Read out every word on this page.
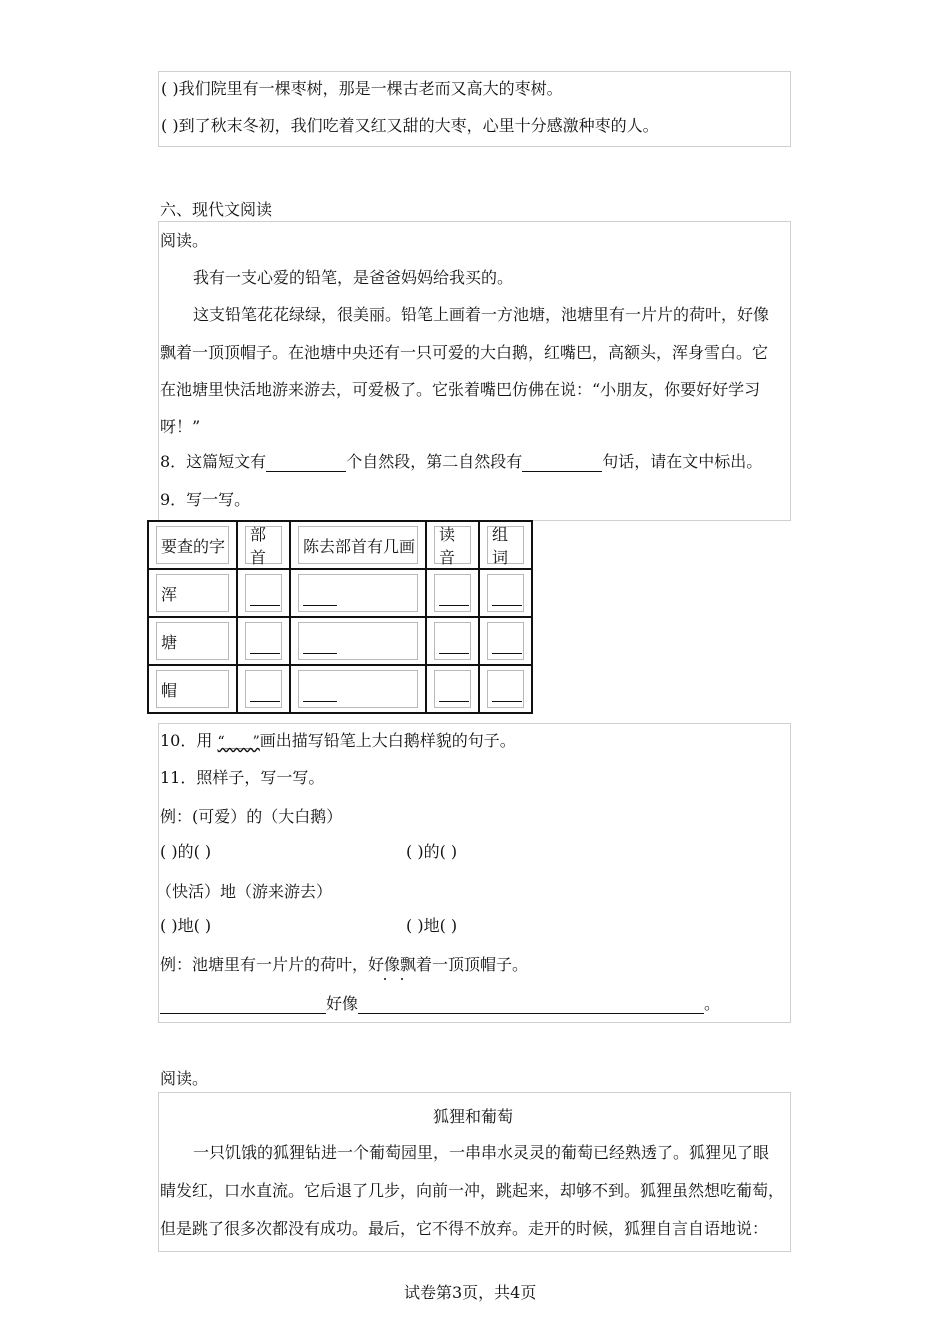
( )我们院里有一棵枣树，那是一棵古老而又高大的枣树。
( )到了秋末冬初，我们吃着又红又甜的大枣，心里十分感激种枣的人。
六、现代文阅读
阅读。
我有一支心爱的铅笔，是爸爸妈妈给我买的。
这支铅笔花花绿绿，很美丽。铅笔上画着一方池塘，池塘里有一片片的荷叶，好像
飘着一顶顶帽子。在池塘中央还有一只可爱的大白鹅，红嘴巴，高额头，浑身雪白。它
在池塘里快活地游来游去，可爱极了。它张着嘴巴仿佛在说：“小朋友，你要好好学习
呀！”
8．这篇短文有	个自然段，第二自然段有	句话，请在文中标出。
9．写一写。
要查的字	部首	陈去部首有几画	读音	组词

浑				

塘				

帽				

10．用 “____”画出描写铅笔上大白鹅样貌的句子。
11．照样子，写一写。
例：(可爱）的（大白鹅）
( )的( )	( )的( )
（快活）地（游来游去）
( )地( )	( )地( )
例：池塘里有一片片的荷叶，好像飘着一顶顶帽子。
好像	。
阅读。
狐狸和葡萄
一只饥饿的狐狸钻进一个葡萄园里，一串串水灵灵的葡萄已经熟透了。狐狸见了眼
睛发红，口水直流。它后退了几步，向前一冲，跳起来，却够不到。狐狸虽然想吃葡萄，
但是跳了很多次都没有成功。最后，它不得不放弃。走开的时候，狐狸自言自语地说：
试卷第3页，共4页
